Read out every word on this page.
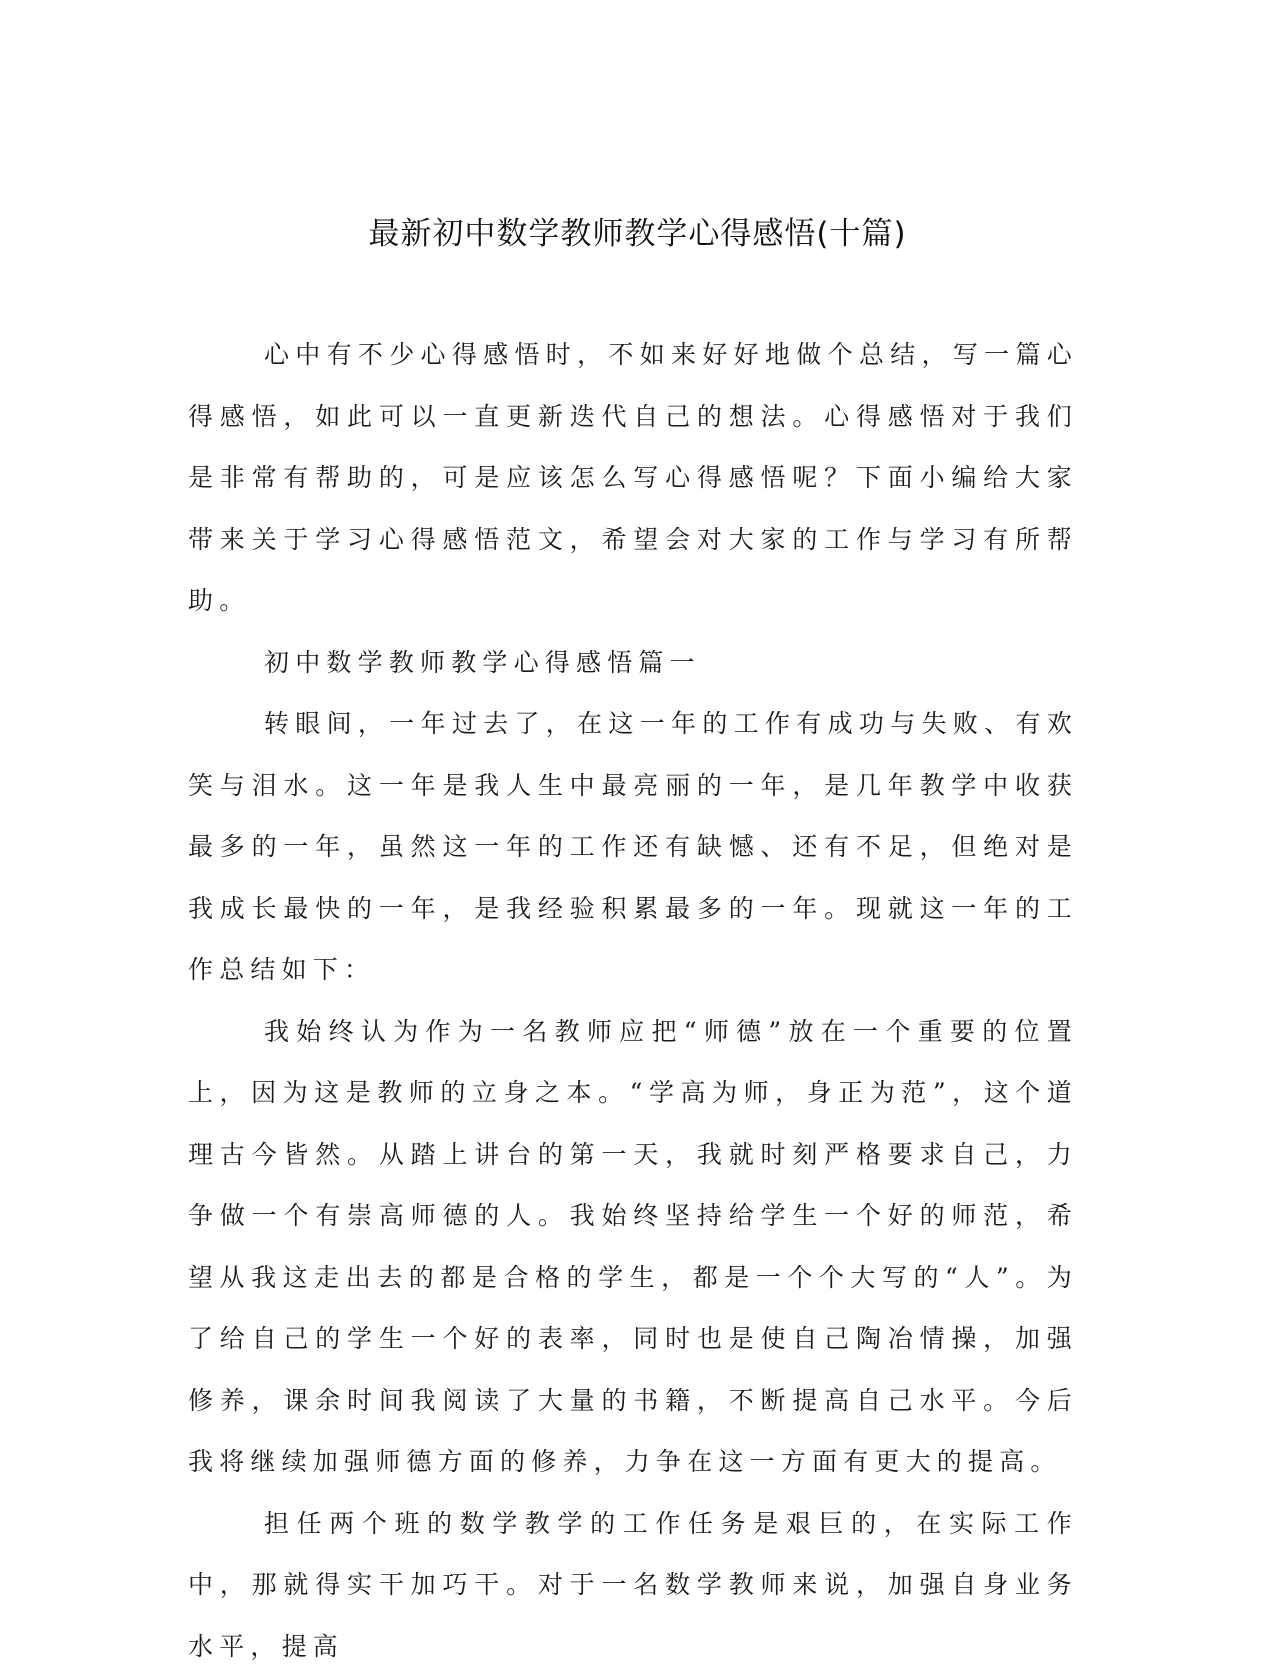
最新初中数学教师教学心得感悟(十篇)

心中有不少心得感悟时，不如来好好地做个总结，写一篇心得感悟，如此可以一直更新迭代自己的想法。心得感悟对于我们是非常有帮助的，可是应该怎么写心得感悟呢？下面小编给大家带来关于学习心得感悟范文，希望会对大家的工作与学习有所帮助。

初中数学教师教学心得感悟篇一

转眼间，一年过去了，在这一年的工作有成功与失败、有欢笑与泪水。这一年是我人生中最亮丽的一年，是几年教学中收获最多的一年，虽然这一年的工作还有缺憾、还有不足，但绝对是我成长最快的一年，是我经验积累最多的一年。现就这一年的工作总结如下：

我始终认为作为一名教师应把“师德”放在一个重要的位置上，因为这是教师的立身之本。“学高为师，身正为范”，这个道理古今皆然。从踏上讲台的第一天，我就时刻严格要求自己，力争做一个有崇高师德的人。我始终坚持给学生一个好的师范，希望从我这走出去的都是合格的学生，都是一个个大写的“人”。为了给自己的学生一个好的表率，同时也是使自己陶冶情操，加强修养，课余时间我阅读了大量的书籍，不断提高自己水平。今后我将继续加强师德方面的修养，力争在这一方面有更大的提高。

担任两个班的数学教学的工作任务是艰巨的，在实际工作中，那就得实干加巧干。对于一名数学教师来说，加强自身业务水平，提高
